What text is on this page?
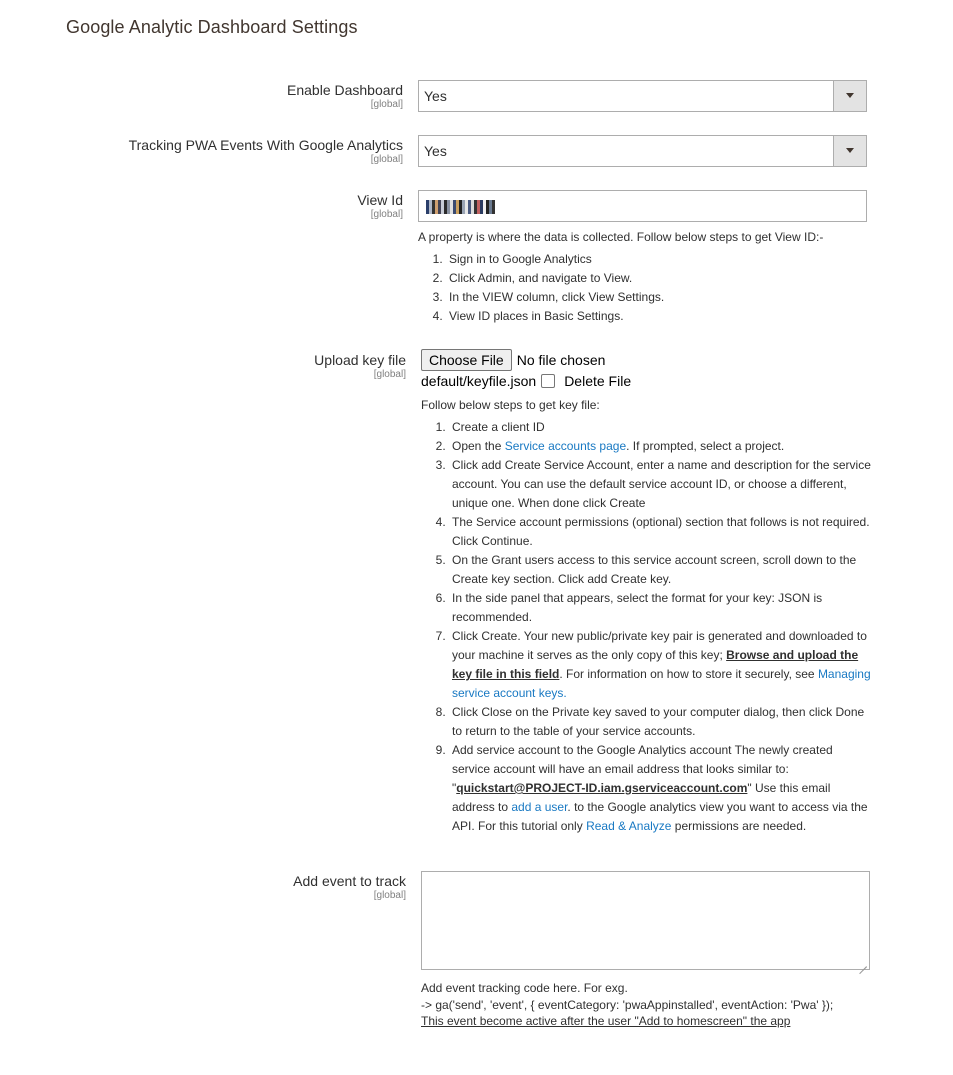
Google Analytic Dashboard Settings
Enable Dashboard
[global]
Yes
Tracking PWA Events With Google Analytics
[global]
Yes
View Id
[global]
A property is where the data is collected. Follow below steps to get View ID:-
1. Sign in to Google Analytics
2. Click Admin, and navigate to View.
3. In the VIEW column, click View Settings.
4. View ID places in Basic Settings.
Upload key file
[global]
Choose File No file chosen
default/keyfile.json Delete File
Follow below steps to get key file:
1. Create a client ID
2. Open the Service accounts page. If prompted, select a project.
3. Click add Create Service Account, enter a name and description for the service account. You can use the default service account ID, or choose a different, unique one. When done click Create
4. The Service account permissions (optional) section that follows is not required. Click Continue.
5. On the Grant users access to this service account screen, scroll down to the Create key section. Click add Create key.
6. In the side panel that appears, select the format for your key: JSON is recommended.
7. Click Create. Your new public/private key pair is generated and downloaded to your machine it serves as the only copy of this key; Browse and upload the key file in this field. For information on how to store it securely, see Managing service account keys.
8. Click Close on the Private key saved to your computer dialog, then click Done to return to the table of your service accounts.
9. Add service account to the Google Analytics account The newly created service account will have an email address that looks similar to: "quickstart@PROJECT-ID.iam.gserviceaccount.com" Use this email address to add a user. to the Google analytics view you want to access via the API. For this tutorial only Read & Analyze permissions are needed.
Add event to track
[global]
Add event tracking code here. For exg.
-> ga('send', 'event', { eventCategory: 'pwaAppinstalled', eventAction: 'Pwa' });
This event become active after the user "Add to homescreen" the app
